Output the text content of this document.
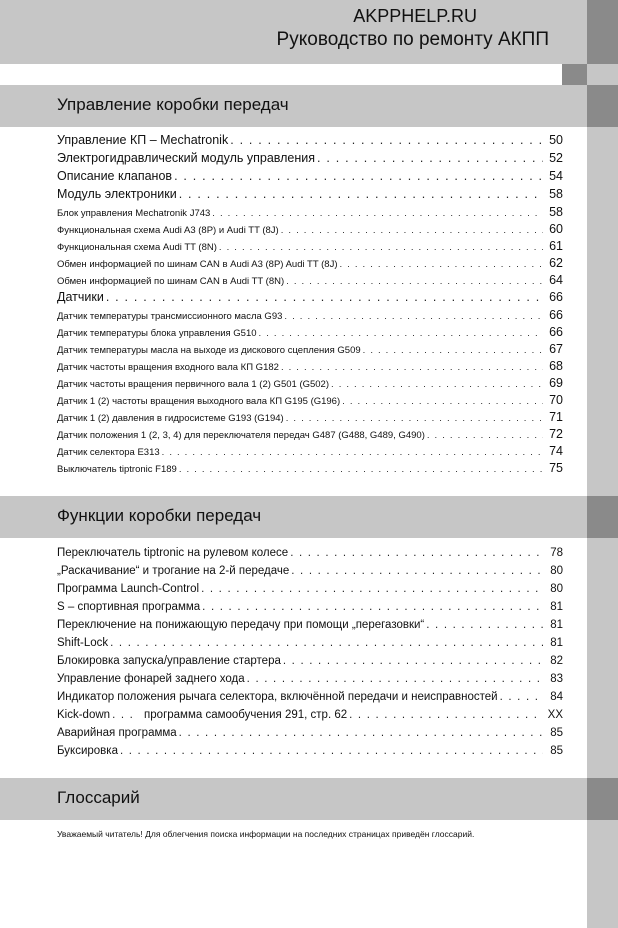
AKPPHELP.RU
Руководство по ремонту АКПП
Управление коробки передач
Управление КП – Mechatronik . . .	50
Электрогидравлический модуль управления . . .	52
Описание клапанов . . .	54
Модуль электроники . . .	58
Блок управления Mechatronik J743 . . .	58
Функциональная схема Audi A3 (8P) и Audi TT (8J) . . .	60
Функциональная схема Audi TT (8N) . . .	61
Обмен информацией по шинам CAN в Audi A3 (8P) Audi TT (8J) . . .	62
Обмен информацией по шинам CAN в Audi TT (8N) . . .	64
Датчики . . .	66
Датчик температуры трансмиссионного масла G93 . . .	66
Датчик температуры блока управления G510 . . .	66
Датчик температуры масла на выходе из дискового сцепления G509 . . .	67
Датчик частоты вращения входного вала КП G182 . . .	68
Датчик частоты вращения первичного вала 1 (2) G501 (G502) . . .	69
Датчик 1 (2) частоты вращения выходного вала КП G195 (G196) . . .	70
Датчик 1 (2) давления в гидросистеме G193 (G194) . . .	71
Датчик положения 1 (2, 3, 4) для переключателя передач G487 (G488, G489, G490) . . .	72
Датчик селектора E313 . . .	74
Выключатель tiptronic F189 . . .	75
Функции коробки передач
Переключатель tiptronic на рулевом колесе . . .	78
„Раскачивание“ и трогание на 2-й передаче . . .	80
Программа Launch-Control . . .	80
S – спортивная программа . . .	81
Переключение на понижающую передачу при помощи „перегазовки“ . . .	81
Shift-Lock . . .	81
Блокировка запуска/управление стартера . . .	82
Управление фонарей заднего хода . . .	83
Индикатор положения рычага селектора, включённой передачи и неисправностей . . .	84
Kick-down . . .	программа самообучения 291, стр. 62 . . .	XX
Аварийная программа . . .	85
Буксировка . . .	85
Глоссарий
Уважаемый читатель! Для облегчения поиска информации на последних страницах приведён глоссарий.
